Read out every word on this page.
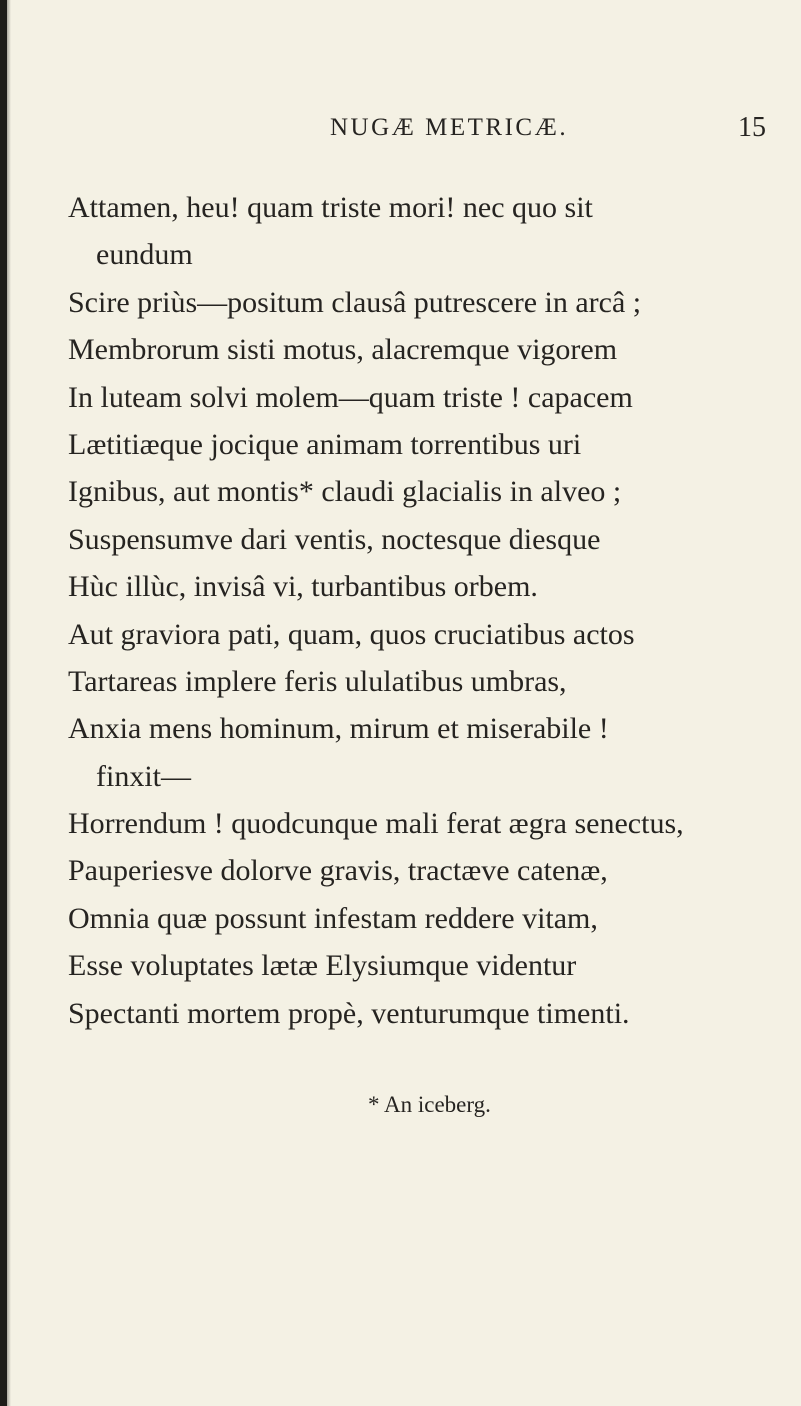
NUGÆ METRICÆ.	15
Attamen, heu! quam triste mori! nec quo sit
eundum
Scire priùs—positum clausâ putrescere in arcâ ;
Membrorum sisti motus, alacremque vigorem
In luteam solvi molem—quam triste ! capacem
Lætitiæque jocique animam torrentibus uri
Ignibus, aut montis* claudi glacialis in alveo ;
Suspensumve dari ventis, noctesque diesque
Hùc illùc, invisâ vi, turbantibus orbem.
Aut graviora pati, quam, quos cruciatibus actos
Tartareas implere feris ululatibus umbras,
Anxia mens hominum, mirum et miserabile !
finxit—
Horrendum ! quodcunque mali ferat ægra senectus,
Pauperiesve dolorve gravis, tractæve catenæ,
Omnia quæ possunt infestam reddere vitam,
Esse voluptates lætæ Elysiumque videntur
Spectanti mortem propè, venturumque timenti.
* An iceberg.
